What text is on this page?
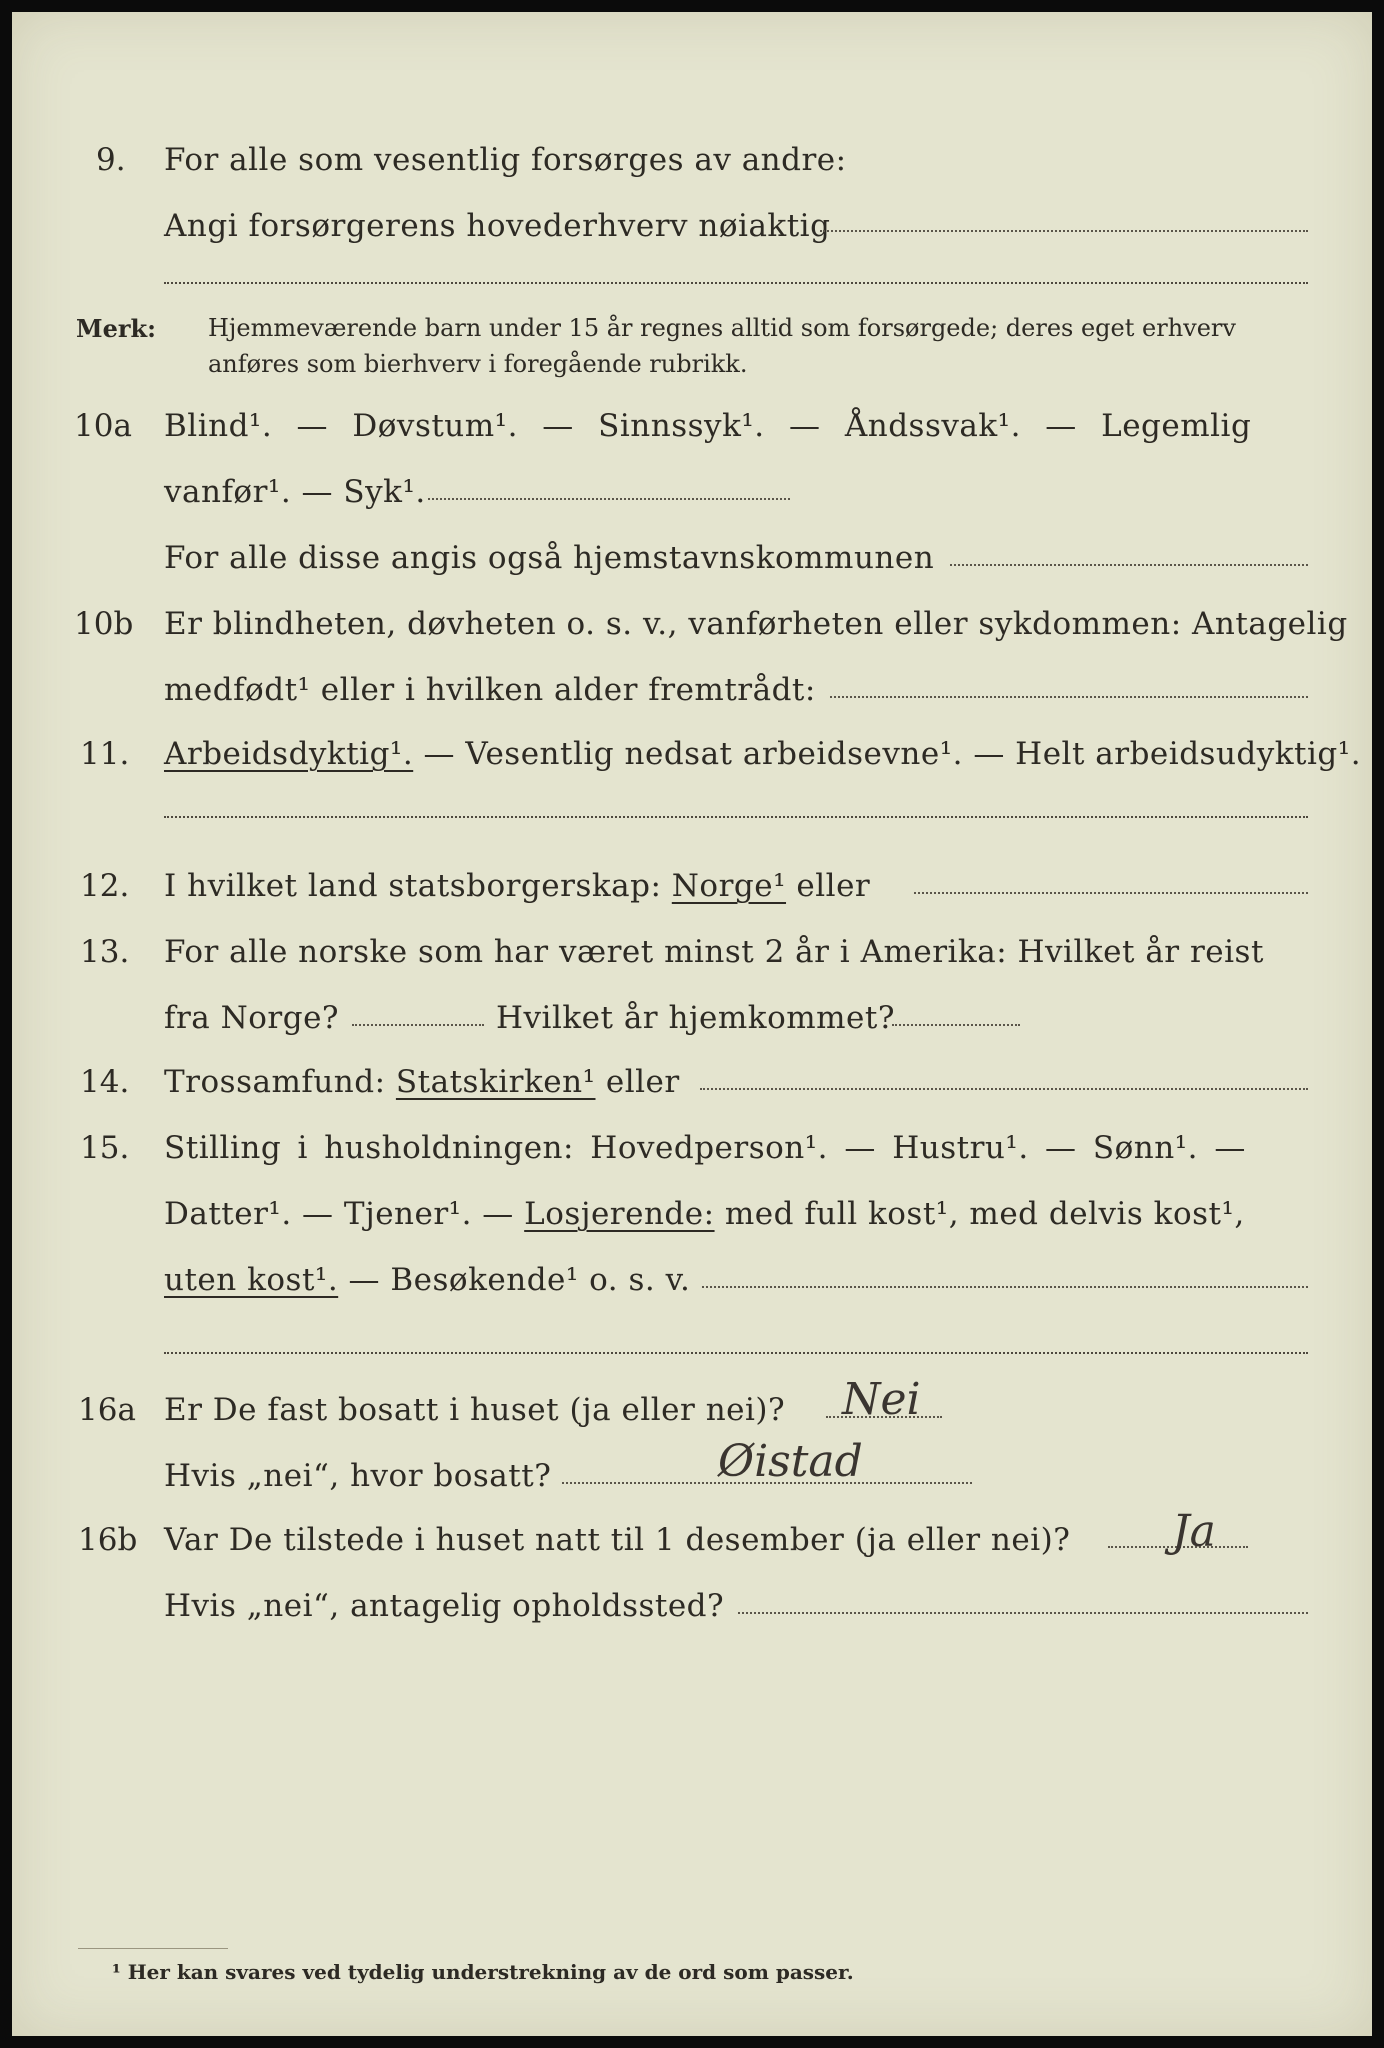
9. For alle som vesentlig forsørges av andre:
Angi forsørgerens hovederhverv nøiaktig
Merk: Hjemmeværende barn under 15 år regnes alltid som forsørgede; deres eget erhverv
anføres som bierhverv i foregående rubrikk.
10a Blind¹. — Døvstum¹. — Sinnssyk¹. — Åndssvak¹. — Legemlig
vanfør¹. — Syk¹.
For alle disse angis også hjemstavnskommunen
10b Er blindheten, døvheten o. s. v., vanførheten eller sykdommen: Antagelig
medfødt¹ eller i hvilken alder fremtrådt:
11. Arbeidsdyktig¹. — Vesentlig nedsat arbeidsevne¹. — Helt arbeidsudyktig¹.
12. I hvilket land statsborgerskap: Norge¹ eller
13. For alle norske som har været minst 2 år i Amerika: Hvilket år reist
fra Norge?	Hvilket år hjemkommet?
14. Trossamfund: Statskirken¹ eller
15. Stilling i husholdningen: Hovedperson¹. — Hustru¹. — Sønn¹. —
Datter¹. — Tjener¹. — Losjerende: med full kost¹, med delvis kost¹,
uten kost¹. — Besøkende¹ o. s. v.
16a Er De fast bosatt i huset (ja eller nei)? Nei
Hvis „nei“, hvor bosatt?	Øistad
16b Var De tilstede i huset natt til 1 desember (ja eller nei)? Ja
Hvis „nei“, antagelig opholdssted?
¹ Her kan svares ved tydelig understrekning av de ord som passer.
